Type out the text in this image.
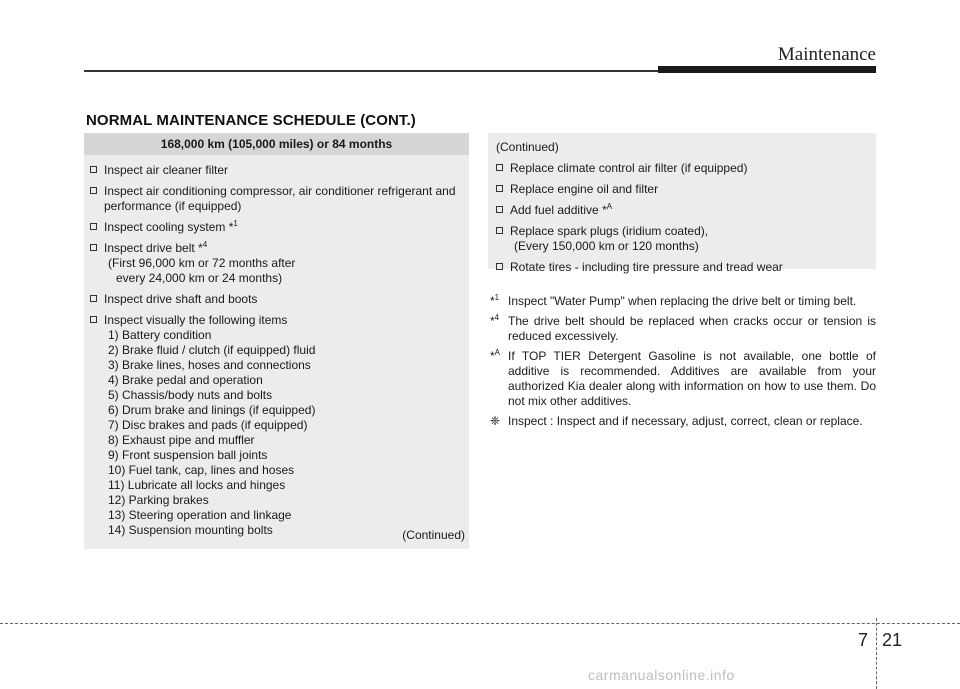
Maintenance
NORMAL MAINTENANCE SCHEDULE (CONT.)
168,000 km (105,000 miles) or 84 months
Inspect air cleaner filter
Inspect air conditioning compressor, air conditioner refrigerant and
performance (if equipped)
Inspect cooling system *$^1$
Inspect drive belt *$^4$
(First 96,000 km or 72 months after
every 24,000 km or 24 months)
Inspect drive shaft and boots
Inspect visually the following items
1) Battery condition
2) Brake fluid / clutch (if equipped) fluid
3) Brake lines, hoses and connections
4) Brake pedal and operation
5) Chassis/body nuts and bolts
6) Drum brake and linings (if equipped)
7) Disc brakes and pads (if equipped)
8) Exhaust pipe and muffler
9) Front suspension ball joints
10) Fuel tank, cap, lines and hoses
11) Lubricate all locks and hinges
12) Parking brakes
13) Steering operation and linkage
14) Suspension mounting bolts	(Continued)
(Continued)
Replace climate control air filter (if equipped)
Replace engine oil and filter
Add fuel additive *$^A$
Replace spark plugs (iridium coated),
(Every 150,000 km or 120 months)
Rotate tires - including tire pressure and tread wear
*$^1$ Inspect "Water Pump" when replacing the drive belt or timing belt.
*$^4$ The drive belt should be replaced when cracks occur or tension is reduced excessively.
*$^A$ If TOP TIER Detergent Gasoline is not available, one bottle of additive is recommended. Additives are available from your authorized Kia dealer along with information on how to use them. Do not mix other additives.
❈ Inspect : Inspect and if necessary, adjust, correct, clean or replace.
7 21
carmanualsonline.info
